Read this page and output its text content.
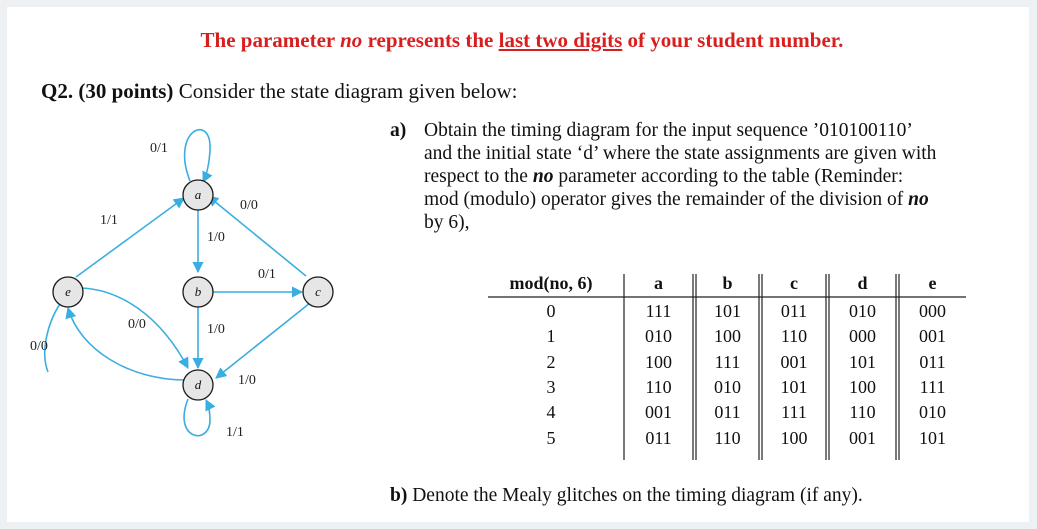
The parameter no represents the last two digits of your student number.
Q2. (30 points) Consider the state diagram given below:
a) Obtain the timing diagram for the input sequence ’010100110’
and the initial state ‘d’ where the state assignments are given with
respect to the no parameter according to the table (Reminder:
mod (modulo) operator gives the remainder of the division of no
by 6),
a
b	c
d
e
0/1
0/0
1/0
1/1
0/1
1/0
0/0
0/0
1/0
1/1
mod(no, 6)	a	b	c	d	e
0	111	101	011	010	000
1	010	100	110	000	001
2	100	111	001	101	011
3	110	010	101	100	111
4	001	011	111	110	010
5	011	110	100	001	101
b) Denote the Mealy glitches on the timing diagram (if any).
